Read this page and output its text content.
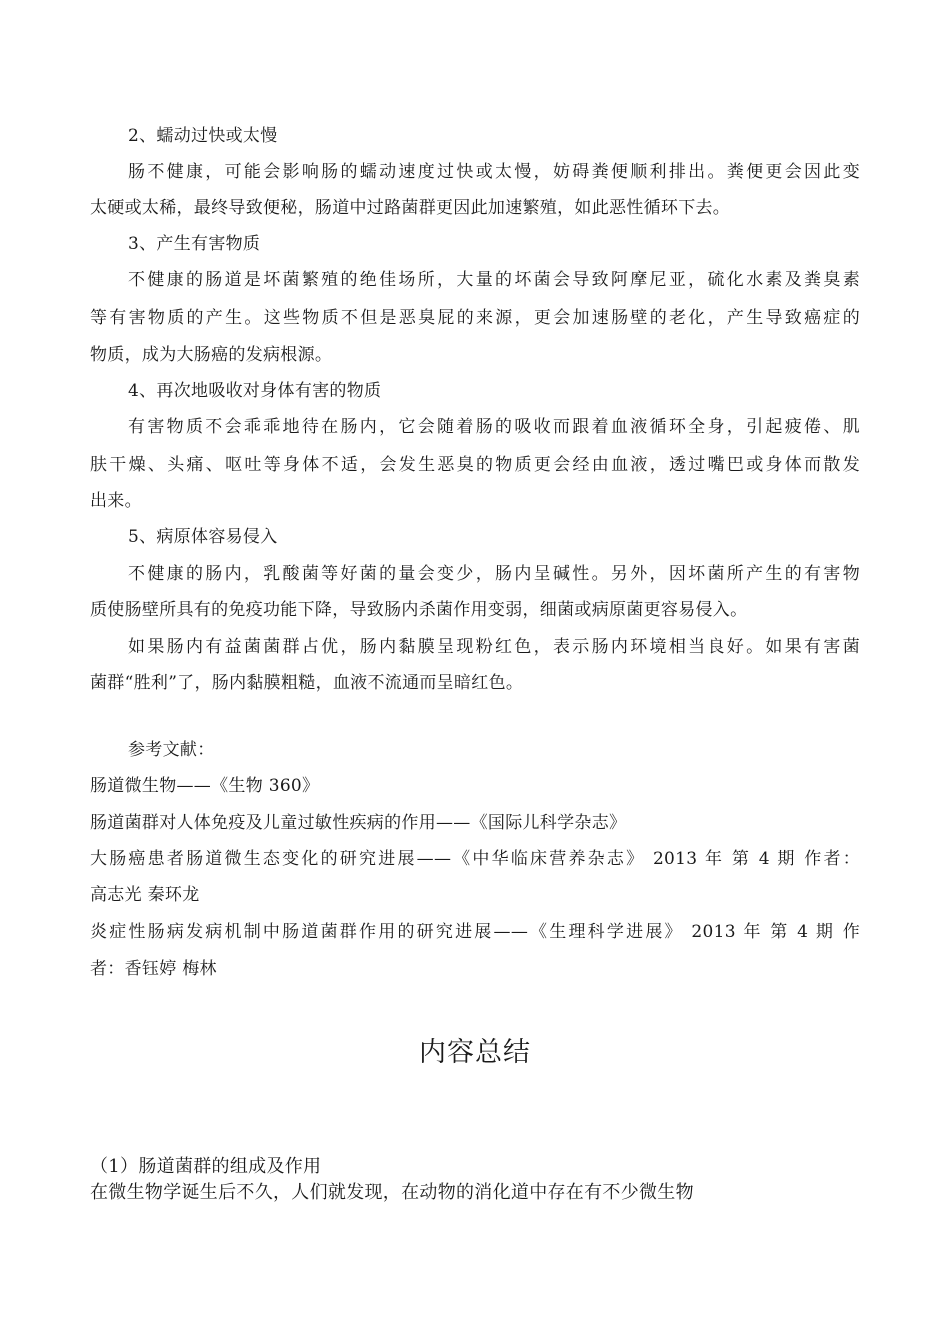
2、蠕动过快或太慢
肠不健康，可能会影响肠的蠕动速度过快或太慢，妨碍粪便顺利排出。粪便更会因此变
太硬或太稀，最终导致便秘，肠道中过路菌群更因此加速繁殖，如此恶性循环下去。
3、产生有害物质
不健康的肠道是坏菌繁殖的绝佳场所，大量的坏菌会导致阿摩尼亚，硫化水素及粪臭素
等有害物质的产生。这些物质不但是恶臭屁的来源，更会加速肠壁的老化，产生导致癌症的
物质，成为大肠癌的发病根源。
4、再次地吸收对身体有害的物质
有害物质不会乖乖地待在肠内，它会随着肠的吸收而跟着血液循环全身，引起疲倦、肌
肤干燥、头痛、呕吐等身体不适，会发生恶臭的物质更会经由血液，透过嘴巴或身体而散发
出来。
5、病原体容易侵入
不健康的肠内，乳酸菌等好菌的量会变少，肠内呈碱性。另外，因坏菌所产生的有害物
质使肠壁所具有的免疫功能下降，导致肠内杀菌作用变弱，细菌或病原菌更容易侵入。
如果肠内有益菌菌群占优，肠内黏膜呈现粉红色，表示肠内环境相当良好。如果有害菌
菌群“胜利”了，肠内黏膜粗糙，血液不流通而呈暗红色。
参考文献：
肠道微生物——《生物 360》
肠道菌群对人体免疫及儿童过敏性疾病的作用——《国际儿科学杂志》
大肠癌患者肠道微生态变化的研究进展——《中华临床营养杂志》 2013 年 第 4 期 作者：
高志光 秦环龙
炎症性肠病发病机制中肠道菌群作用的研究进展——《生理科学进展》 2013 年 第 4 期 作
者：香钰婷 梅林
内容总结
（1）肠道菌群的组成及作用
在微生物学诞生后不久，人们就发现，在动物的消化道中存在有不少微生物
